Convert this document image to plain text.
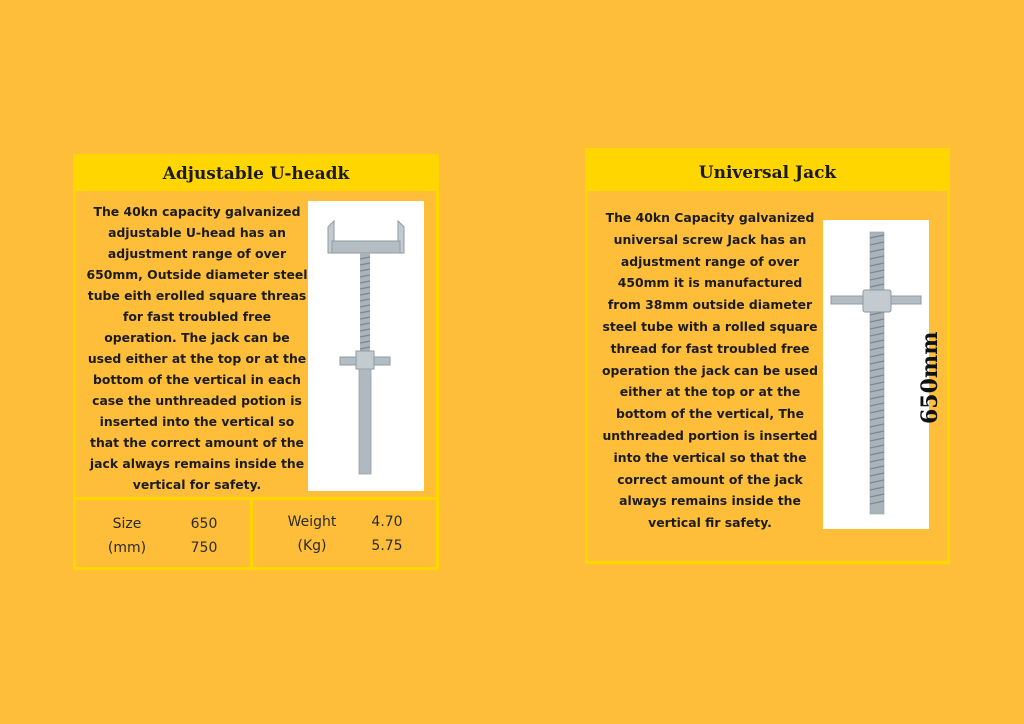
Adjustable U-headk
The 40kn capacity galvanized adjustable U-head has an adjustment range of over 650mm, Outside diameter steel tube eith erolled square threas for fast troubled free operation. The jack can be used either at the top or at the bottom of the vertical in each case the unthreaded potion is inserted into the vertical so that the correct amount of the jack always remains inside the vertical for safety.
Size
(mm)
650
750
Weight
(Kg)
4.70
5.75
Universal Jack
The 40kn Capacity galvanized universal screw Jack has an adjustment range of over 450mm it is manufactured from 38mm outside diameter steel tube with a rolled square thread for fast troubled free operation the jack can be used either at the top or at the bottom of the vertical, The unthreaded portion is inserted into the vertical so that the correct amount of the jack always remains inside the vertical fir safety.
650mm
